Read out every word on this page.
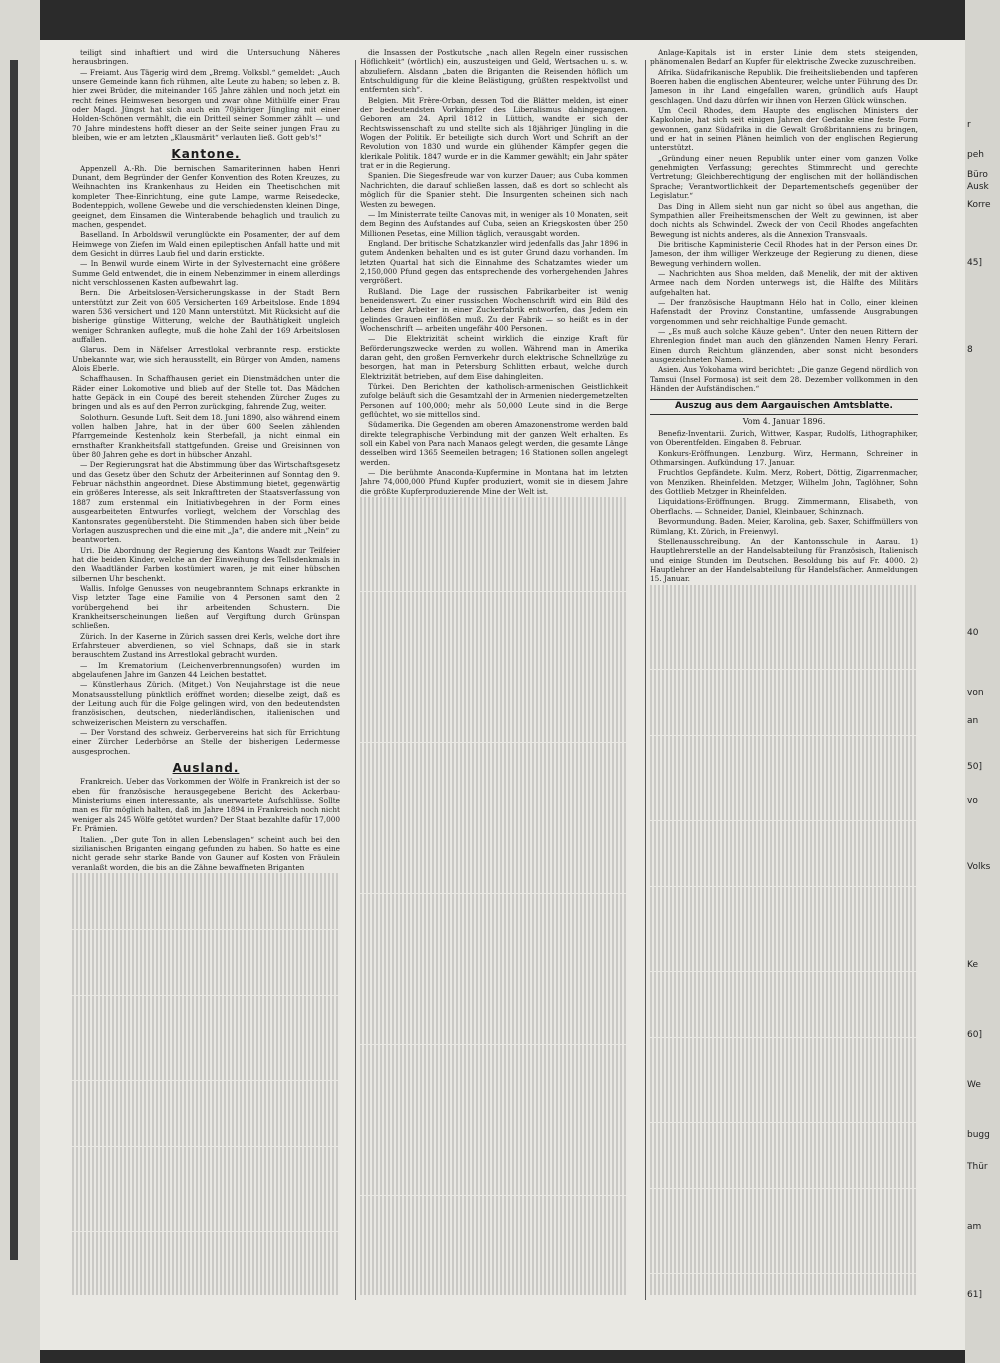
teiligt sind inhaftiert und wird die Untersuchung Näheres herausbringen.

— Freiamt. Aus Tägerig wird dem „Bremg. Volksbl.“ gemeldet: „Auch unsere Gemeinde kann fich rühmen, alte Leute zu haben; so leben z. B. hier zwei Brüder, die miteinander 165 Jahre zählen und noch jetzt ein recht feines Heimwesen besorgen und zwar ohne Mithülfe einer Frau oder Magd. Jüngst hat sich auch ein 70jähriger Jüngling mit einer Holden-Schönen vermählt, die ein Dritteil seiner Sommer zählt — und 70 Jahre mindestens hofft dieser an der Seite seiner jungen Frau zu bleiben, wie er am letzten „Klausmärit“ verlauten ließ. Gott geb's!“

Kantone.

Appenzell A.-Rh. Die bernischen Samariterinnen haben Henri Dunant, dem Begründer der Genfer Konvention des Roten Kreuzes, zu Weihnachten ins Krankenhaus zu Heiden ein Theetischchen mit kompleter Thee-Einrichtung, eine gute Lampe, warme Reisedecke, Bodenteppich, wollene Gewebe und die verschiedensten kleinen Dinge, geeignet, dem Einsamen die Winterabende behaglich und traulich zu machen, gespendet.

Baselland. In Arboldswil verunglückte ein Posamenter, der auf dem Heimwege von Ziefen im Wald einen epileptischen Anfall hatte und mit dem Gesicht in dürres Laub fiel und darin erstickte.

— In Benwil wurde einem Wirte in der Sylvesternacht eine größere Summe Geld entwendet, die in einem Nebenzimmer in einem allerdings nicht verschlossenen Kasten aufbewahrt lag.

Bern. Die Arbeitslosen-Versicherungskasse in der Stadt Bern unterstützt zur Zeit von 605 Versicherten 169 Arbeitslose. Ende 1894 waren 536 versichert und 120 Mann unterstützt. Mit Rücksicht auf die bisherige günstige Witterung, welche der Bauthätigkeit ungleich weniger Schranken auflegte, muß die hohe Zahl der 169 Arbeitslosen auffallen.

Glarus. Dem in Näfelser Arrestlokal verbrannte resp. erstickte Unbekannte war, wie sich herausstellt, ein Bürger von Amden, namens Alois Eberle.

Schaffhausen. In Schaffhausen geriet ein Dienstmädchen unter die Räder einer Lokomotive und blieb auf der Stelle tot. Das Mädchen hatte Gepäck in ein Coupé des bereit stehenden Zürcher Zuges zu bringen und als es auf den Perron zurückging, fahrende Zug, weiter.

Solothurn. Gesunde Luft. Seit dem 18. Juni 1890, also während einem vollen halben Jahre, hat in der über 600 Seelen zählenden Pfarrgemeinde Kestenholz kein Sterbefall, ja nicht einmal ein ernsthafter Krankheitsfall stattgefunden. Greise und Greisinnen von über 80 Jahren gehe es dort in hübscher Anzahl.

— Der Regierungsrat hat die Abstimmung über das Wirtschaftsgesetz und das Gesetz über den Schutz der Arbeiterinnen auf Sonntag den 9. Februar nächsthin angeordnet. Diese Abstimmung bietet, gegenwärtig ein größeres Interesse, als seit Inkrafttreten der Staatsverfassung von 1887 zum erstenmal ein Initiativbegehren in der Form eines ausgearbeiteten Entwurfes vorliegt, welchem der Vorschlag des Kantonsrates gegenübersteht. Die Stimmenden haben sich über beide Vorlagen auszusprechen und die eine mit „Ja“, die andere mit „Nein“ zu beantworten.

Uri. Die Abordnung der Regierung des Kantons Waadt zur Teilfeier hat die beiden Kinder, welche an der Einweihung des Tellsdenkmals in den Waadtländer Farben kostümiert waren, je mit einer hübschen silbernen Uhr beschenkt.

Wallis. Infolge Genusses von neugebranntem Schnaps erkrankte in Visp letzter Tage eine Familie von 4 Personen samt den 2 vorübergehend bei ihr arbeitenden Schustern. Die Krankheitserscheinungen ließen auf Vergiftung durch Grünspan schließen.

Zürich. In der Kaserne in Zürich sassen drei Kerls, welche dort ihre Erfahrsteuer abverdienen, so viel Schnaps, daß sie in stark berauschtem Zustand ins Arrestlokal gebracht wurden.

— Im Krematorium (Leichenverbrennungsofen) wurden im abgelaufenen Jahre im Ganzen 44 Leichen bestattet.

— Künstlerhaus Zürich. (Mitget.) Von Neujahrstage ist die neue Monatsausstellung pünktlich eröffnet worden; dieselbe zeigt, daß es der Leitung auch für die Folge gelingen wird, von den bedeutendsten französischen, deutschen, niederländischen, italienischen und schweizerischen Meistern zu verschaffen.

— Der Vorstand des schweiz. Gerbervereins hat sich für Errichtung einer Zürcher Lederbörse an Stelle der bisherigen Ledermesse ausgesprochen.

Ausland.

Frankreich. Ueber das Vorkommen der Wölfe in Frankreich ist der so eben für französische herausgegebene Bericht des Ackerbau-Ministeriums einen interessante, als unerwartete Aufschlüsse. Sollte man es für möglich halten, daß im Jahre 1894 in Frankreich noch nicht weniger als 245 Wölfe getötet wurden? Der Staat bezahlte dafür 17,000 Fr. Prämien.

Italien. „Der gute Ton in allen Lebenslagen“ scheint auch bei den sizilianischen Briganten eingang gefunden zu haben. So hatte es eine nicht gerade sehr starke Bande von Gauner auf Kosten von Fräulein veranlaßt worden, die bis an die Zähne bewaffneten Briganten

die Insassen der Postkutsche „nach allen Regeln einer russischen Höflichkeit“ (wörtlich) ein, auszusteigen und Geld, Wertsachen u. s. w. abzuliefern. Alsdann „baten die Briganten die Reisenden höflich um Entschuldigung für die kleine Belästigung, grüßten respektvollst und entfernten sich“.

Belgien. Mit Frère-Orban, dessen Tod die Blätter melden, ist einer der bedeutendsten Vorkämpfer des Liberalismus dahingegangen. Geboren am 24. April 1812 in Lüttich, wandte er sich der Rechtswissenschaft zu und stellte sich als 18jähriger Jüngling in die Wogen der Politik. Er beteiligte sich durch Wort und Schrift an der Revolution von 1830 und wurde ein glühender Kämpfer gegen die klerikale Politik. 1847 wurde er in die Kammer gewählt; ein Jahr später trat er in die Regierung.

Spanien. Die Siegesfreude war von kurzer Dauer; aus Cuba kommen Nachrichten, die darauf schließen lassen, daß es dort so schlecht als möglich für die Spanier steht. Die Insurgenten scheinen sich nach Westen zu bewegen.

— Im Ministerrate teilte Canovas mit, in weniger als 10 Monaten, seit dem Beginn des Aufstandes auf Cuba, seien an Kriegskosten über 250 Millionen Pesetas, eine Million täglich, verausgabt worden.

England. Der britische Schatzkanzler wird jedenfalls das Jahr 1896 in gutem Andenken behalten und es ist guter Grund dazu vorhanden. Im letzten Quartal hat sich die Einnahme des Schatzamtes wieder um 2,150,000 Pfund gegen das entsprechende des vorhergehenden Jahres vergrößert.

Rußland. Die Lage der russischen Fabrikarbeiter ist wenig beneidenswert. Zu einer russischen Wochenschrift wird ein Bild des Lebens der Arbeiter in einer Zuckerfabrik entworfen, das Jedem ein gelindes Grauen einflößen muß. Zu der Fabrik — so heißt es in der Wochenschrift — arbeiten ungefähr 400 Personen.

— Die Elektrizität scheint wirklich die einzige Kraft für Beförderungszwecke werden zu wollen. Während man in Amerika daran geht, den großen Fernverkehr durch elektrische Schnellzüge zu besorgen, hat man in Petersburg Schlitten erbaut, welche durch Elektrizität betrieben, auf dem Eise dahingleiten.

Türkei. Den Berichten der katholisch-armenischen Geistlichkeit zufolge beläuft sich die Gesamtzahl der in Armenien niedergemetzelten Personen auf 100,000; mehr als 50,000 Leute sind in die Berge geflüchtet, wo sie mittellos sind.

Südamerika. Die Gegenden am oberen Amazonenstrome werden bald direkte telegraphische Verbindung mit der ganzen Welt erhalten. Es soll ein Kabel von Para nach Manaos gelegt werden, die gesamte Länge desselben wird 1365 Seemeilen betragen; 16 Stationen sollen angelegt werden.

— Die berühmte Anaconda-Kupfermine in Montana hat im letzten Jahre 74,000,000 Pfund Kupfer produziert, womit sie in diesem Jahre die größte Kupferproduzierende Mine der Welt ist.

Anlage-Kapitals ist in erster Linie dem stets steigenden, phänomenalen Bedarf an Kupfer für elektrische Zwecke zuzuschreiben.

Afrika. Südafrikanische Republik. Die freiheitsliebenden und tapferen Boeren haben die englischen Abenteurer, welche unter Führung des Dr. Jameson in ihr Land eingefallen waren, gründlich aufs Haupt geschlagen. Und dazu dürfen wir ihnen von Herzen Glück wünschen.

Um Cecil Rhodes, dem Haupte des englischen Ministers der Kapkolonie, hat sich seit einigen Jahren der Gedanke eine feste Form gewonnen, ganz Südafrika in die Gewalt Großbritanniens zu bringen, und er hat in seinen Plänen heimlich von der englischen Regierung unterstützt.

„Gründung einer neuen Republik unter einer vom ganzen Volke genehmigten Verfassung; gerechtes Stimmrecht und gerechte Vertretung; Gleichberechtigung der englischen mit der holländischen Sprache; Verantwortlichkeit der Departementschefs gegenüber der Legislatur.“

Das Ding in Allem sieht nun gar nicht so übel aus angethan, die Sympathien aller Freiheitsmenschen der Welt zu gewinnen, ist aber doch nichts als Schwindel. Zweck der von Cecil Rhodes angefachten Bewegung ist nichts anderes, als die Annexion Transvaals.

Die britische Kapministerie Cecil Rhodes hat in der Person eines Dr. Jameson, der ihm williger Werkzeuge der Regierung zu dienen, diese Bewegung verhindern wollen.

— Nachrichten aus Shoa melden, daß Menelik, der mit der aktiven Armee nach dem Norden unterwegs ist, die Hälfte des Militärs aufgehalten hat.

— Der französische Hauptmann Hélo hat in Collo, einer kleinen Hafenstadt der Provinz Constantine, umfassende Ausgrabungen vorgenommen und sehr reichhaltige Funde gemacht.

— „Es muß auch solche Käuze geben“. Unter den neuen Rittern der Ehrenlegion findet man auch den glänzenden Namen Henry Ferari. Einen durch Reichtum glänzenden, aber sonst nicht besonders ausgezeichneten Namen.

Asien. Aus Yokohama wird berichtet: „Die ganze Gegend nördlich von Tamsui (Insel Formosa) ist seit dem 28. Dezember vollkommen in den Händen der Aufständischen.“

Auszug aus dem Aargauischen Amtsblatte.
Vom 4. Januar 1896.

Benefiz-Inventarii. Zurich, Wittwer, Kaspar, Rudolfs, Lithographiker, von Oberentfelden. Eingaben 8. Februar.

Konkurs-Eröffnungen. Lenzburg. Wirz, Hermann, Schreiner in Othmarsingen. Aufkündung 17. Januar.

Fruchtlos Gepfändete. Kulm. Merz, Robert, Döttig, Zigarrenmacher, von Menziken. Rheinfelden. Metzger, Wilhelm John, Taglöhner, Sohn des Gottlieb Metzger in Rheinfelden.

Liquidations-Eröffnungen. Brugg. Zimmermann, Elisabeth, von Oberflachs. — Schneider, Daniel, Kleinbauer, Schinznach.

Bevormundung. Baden. Meier, Karolina, geb. Saxer, Schiffmüllers von Rümlang, Kt. Zürich, in Freienwyl.

Stellenausschreibung. An der Kantonsschule in Aarau. 1) Hauptlehrerstelle an der Handelsabteilung für Französisch, Italienisch und einige Stunden im Deutschen. Besoldung bis auf Fr. 4000. 2) Hauptlehrer an der Handelsabteilung für Handelsfächer. Anmeldungen 15. Januar.

r
peh
Büro
Ausk
Korre
45]
8
40
von
an
50]
vo
Volks
Ke
60]
We
bugg
Thür
am
61]
